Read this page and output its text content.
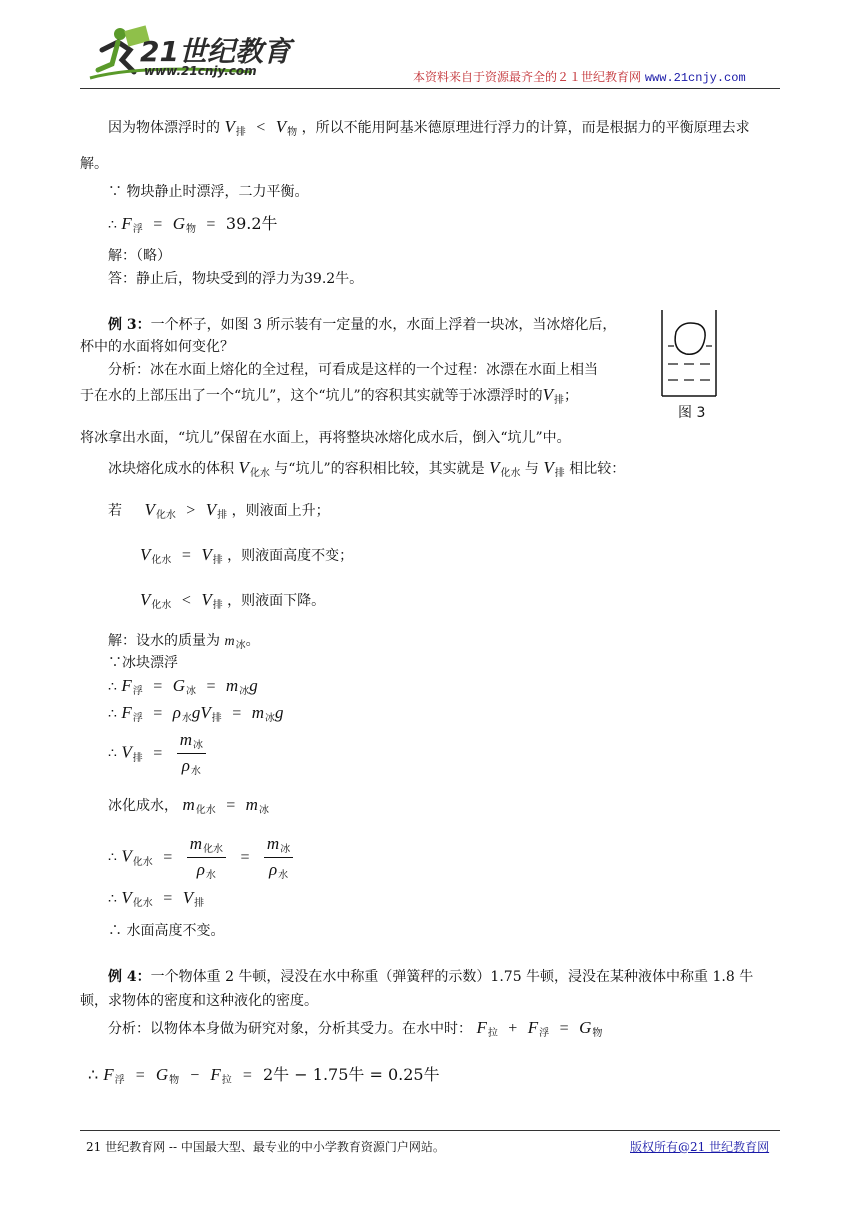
21世纪教育
www.21cnjy.com	本资料来自于资源最齐全的２１世纪教育网 www.21cnjy.com
因为物体漂浮时的 $V_排 < V_物$ ，所以不能用阿基米德原理进行浮力的计算，而是根据力的平衡原理去求
解。
∵ 物块静止时漂浮，二力平衡。
∴ $F_浮 = G_物 = 39.2$牛
解：（略）
答：静止后，物块受到的浮力为39.2牛。
例 3：一个杯子，如图 3 所示装有一定量的水，水面上浮着一块冰，当冰熔化后，
杯中的水面将如何变化？
分析：冰在水面上熔化的全过程，可看成是这样的一个过程：冰漂在水面上相当
于在水的上部压出了一个“坑儿”，这个“坑儿”的容积其实就等于冰漂浮时的$V_排$；
将冰拿出水面，“坑儿”保留在水面上，再将整块冰熔化成水后，倒入“坑儿”中。
图 3
冰块熔化成水的体积 $V_{化水}$ 与“坑儿”的容积相比较，其实就是 $V_{化水}$ 与 $V_排$ 相比较：
若 $V_{化水} > V_排$ ，则液面上升；
$V_{化水} = V_排$ ，则液面高度不变；
$V_{化水} < V_排$ ，则液面下降。
解：设水的质量为 $m_冰$。
∵冰块漂浮
∴ $F_浮 = G_冰 = m_冰g$
∴ $F_浮 = \rho_水gV_排 = m_冰g$
∴ $V_排 = \frac{m_冰}{\rho_水}$
冰化成水， $m_{化水} = m_冰$
∴ $V_{化水} = \frac{m_{化水}}{\rho_水} = \frac{m_冰}{\rho_水}$
∴ $V_{化水} = V_排$
∴ 水面高度不变。
例 4：一个物体重 2 牛顿，浸没在水中称重（弹簧秤的示数）1.75 牛顿，浸没在某种液体中称重 1.8 牛
顿，求物体的密度和这种液化的密度。
分析：以物体本身做为研究对象，分析其受力。在水中时： $F_拉 + F_浮 = G_物$
∴ $F_浮 = G_物 - F_拉 = 2$牛 − 1.75牛 = 0.25牛
21 世纪教育网 -- 中国最大型、最专业的中小学教育资源门户网站。	版权所有@21 世纪教育网
